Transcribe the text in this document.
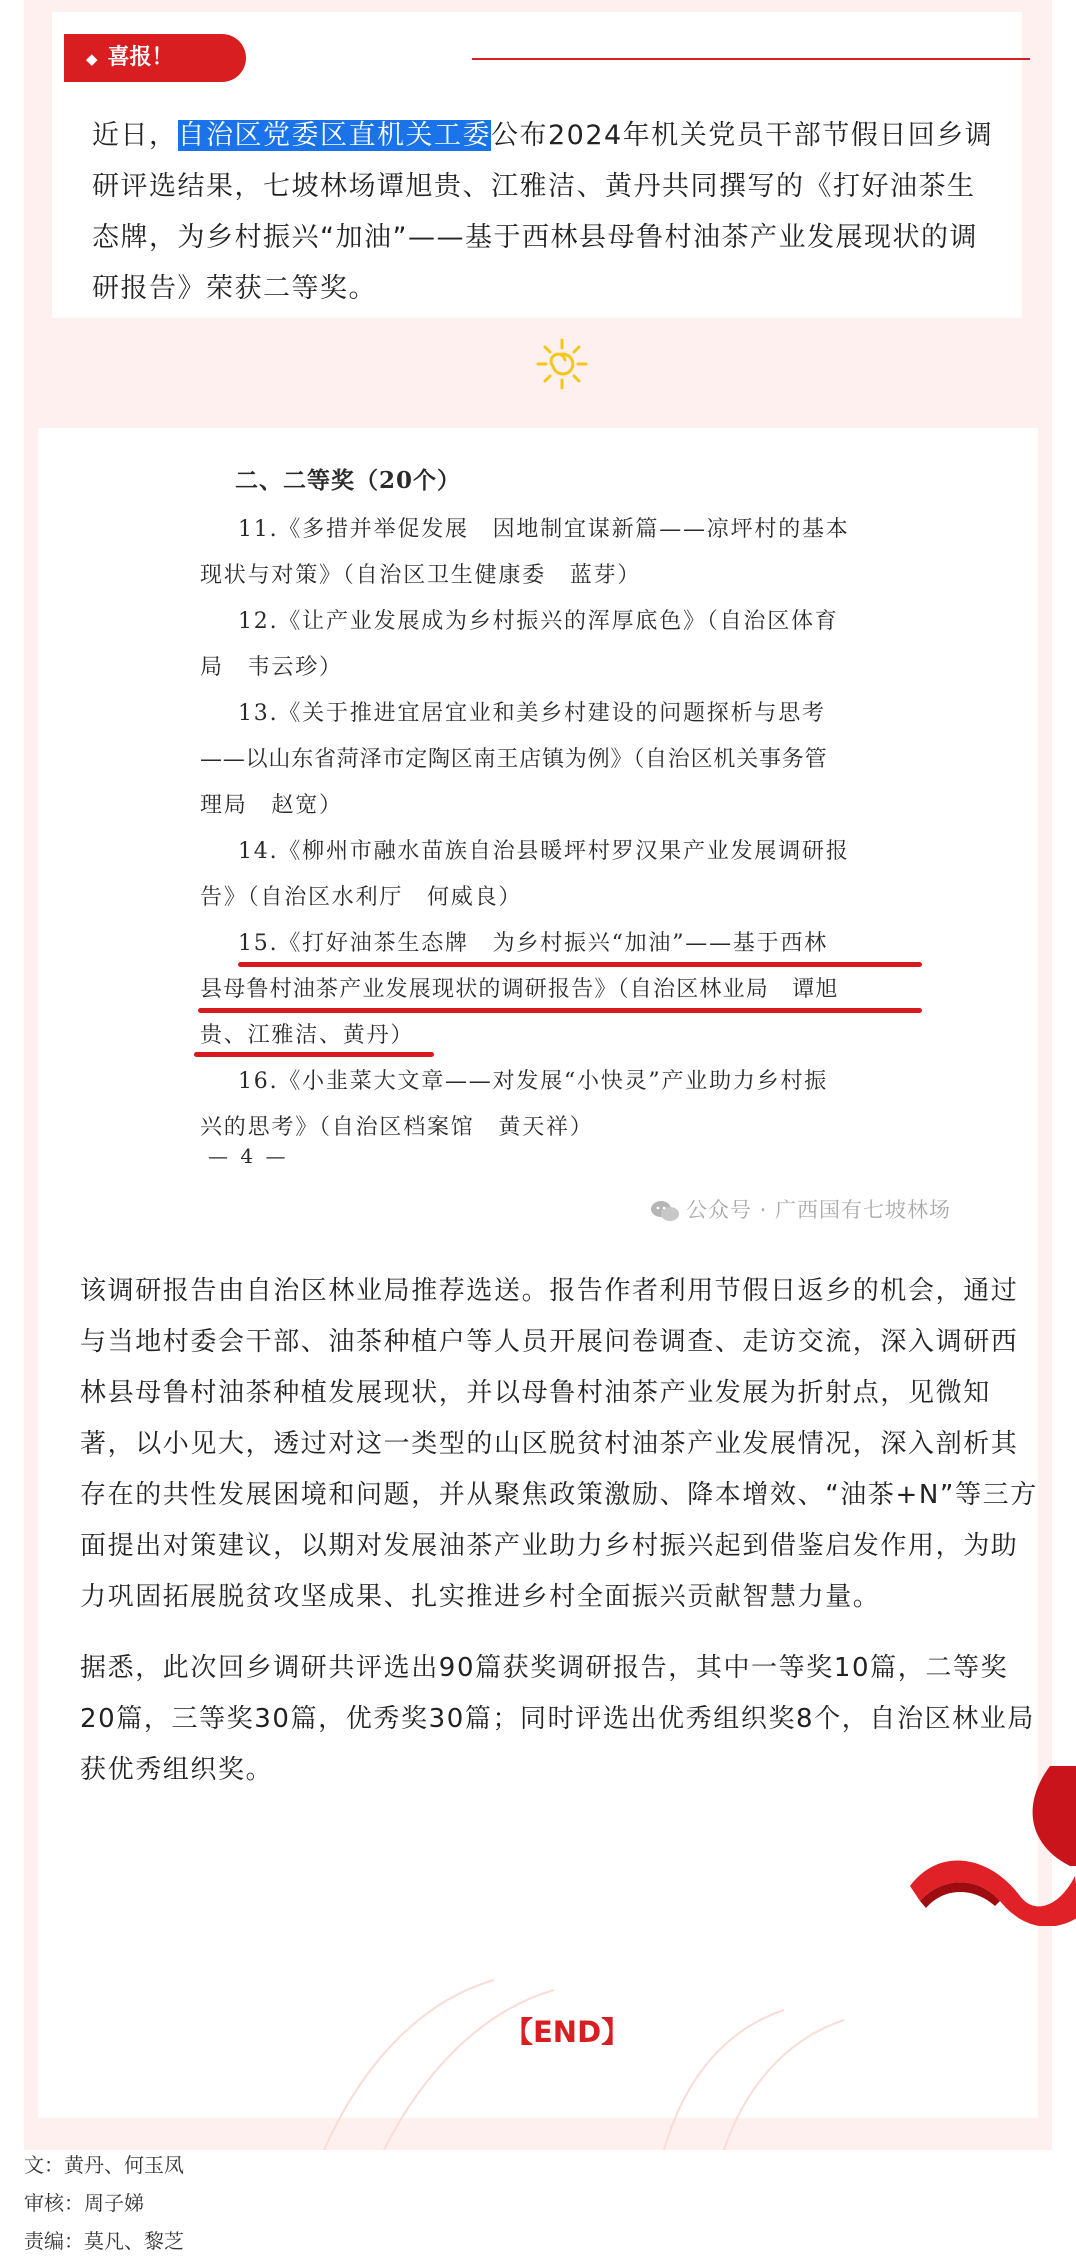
◆ 喜报！
近日，自治区党委区直机关工委公布2024年机关党员干部节假日回乡调研评选结果，七坡林场谭旭贵、江雅洁、黄丹共同撰写的《打好油茶生态牌，为乡村振兴“加油”——基于西林县母鲁村油茶产业发展现状的调研报告》荣获二等奖。
二、二等奖（20个）
11.《多措并举促发展　因地制宜谋新篇——凉坪村的基本
现状与对策》（自治区卫生健康委　蓝芽）
12.《让产业发展成为乡村振兴的浑厚底色》（自治区体育
局　韦云珍）
13.《关于推进宜居宜业和美乡村建设的问题探析与思考
——以山东省菏泽市定陶区南王店镇为例》（自治区机关事务管
理局　赵宽）
14.《柳州市融水苗族自治县暖坪村罗汉果产业发展调研报
告》（自治区水利厅　何威良）
15.《打好油茶生态牌　为乡村振兴“加油”——基于西林
县母鲁村油茶产业发展现状的调研报告》（自治区林业局　谭旭
贵、江雅洁、黄丹）
16.《小韭菜大文章——对发展“小快灵”产业助力乡村振
兴的思考》（自治区档案馆　黄天祥）
— 4 —
公众号 · 广西国有七坡林场

该调研报告由自治区林业局推荐选送。报告作者利用节假日返乡的机会，通过与当地村委会干部、油茶种植户等人员开展问卷调查、走访交流，深入调研西林县母鲁村油茶种植发展现状，并以母鲁村油茶产业发展为折射点，见微知著，以小见大，透过对这一类型的山区脱贫村油茶产业发展情况，深入剖析其存在的共性发展困境和问题，并从聚焦政策激励、降本增效、“油茶+N”等三方面提出对策建议，以期对发展油茶产业助力乡村振兴起到借鉴启发作用，为助力巩固拓展脱贫攻坚成果、扎实推进乡村全面振兴贡献智慧力量。

据悉，此次回乡调研共评选出90篇获奖调研报告，其中一等奖10篇，二等奖20篇，三等奖30篇，优秀奖30篇；同时评选出优秀组织奖8个，自治区林业局获优秀组织奖。

【END】
文：黄丹、何玉凤
审核：周子娣
责编：莫凡、黎芝
